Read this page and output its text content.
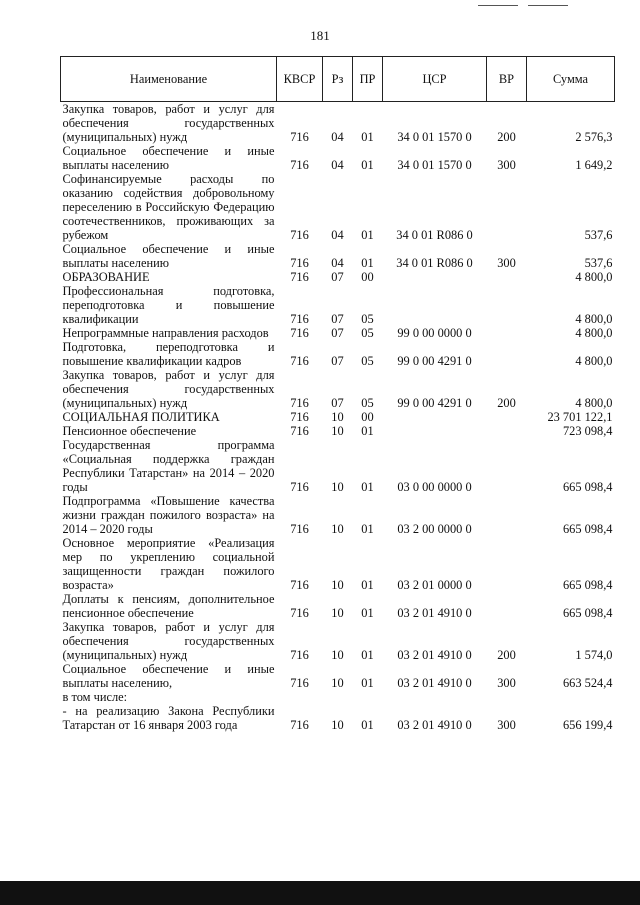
181
Наименование	КВСР	Рз	ПР	ЦСР	ВР	Сумма
Закупка товаров, работ и услуг для обеспечения государственных (муниципальных) нужд	716	04	01	34 0 01 1570 0	200	2 576,3
Социальное обеспечение и иные выплаты населению	716	04	01	34 0 01 1570 0	300	1 649,2
Софинансируемые расходы по оказанию содействия добровольному переселению в Российскую Федерацию соотечественников, проживающих за рубежом	716	04	01	34 0 01 R086 0		537,6
Социальное обеспечение и иные выплаты населению	716	04	01	34 0 01 R086 0	300	537,6
ОБРАЗОВАНИЕ	716	07	00			4 800,0
Профессиональная подготовка, переподготовка и повышение квалификации	716	07	05			4 800,0
Непрограммные направления расходов	716	07	05	99 0 00 0000 0		4 800,0
Подготовка, переподготовка и повышение квалификации кадров	716	07	05	99 0 00 4291 0		4 800,0
Закупка товаров, работ и услуг для обеспечения государственных (муниципальных) нужд	716	07	05	99 0 00 4291 0	200	4 800,0
СОЦИАЛЬНАЯ ПОЛИТИКА	716	10	00			23 701 122,1
Пенсионное обеспечение	716	10	01			723 098,4
Государственная программа «Социальная поддержка граждан Республики Татарстан» на 2014 – 2020 годы	716	10	01	03 0 00 0000 0		665 098,4
Подпрограмма «Повышение качества жизни граждан пожилого возраста» на 2014 – 2020 годы	716	10	01	03 2 00 0000 0		665 098,4
Основное мероприятие «Реализация мер по укреплению социальной защищенности граждан пожилого возраста»	716	10	01	03 2 01 0000 0		665 098,4
Доплаты к пенсиям, дополнительное пенсионное обеспечение	716	10	01	03 2 01 4910 0		665 098,4
Закупка товаров, работ и услуг для обеспечения государственных (муниципальных) нужд	716	10	01	03 2 01 4910 0	200	1 574,0
Социальное обеспечение и иные выплаты населению,	716	10	01	03 2 01 4910 0	300	663 524,4
в том числе:						
- на реализацию Закона Республики Татарстан от 16 января 2003 года	716	10	01	03 2 01 4910 0	300	656 199,4
